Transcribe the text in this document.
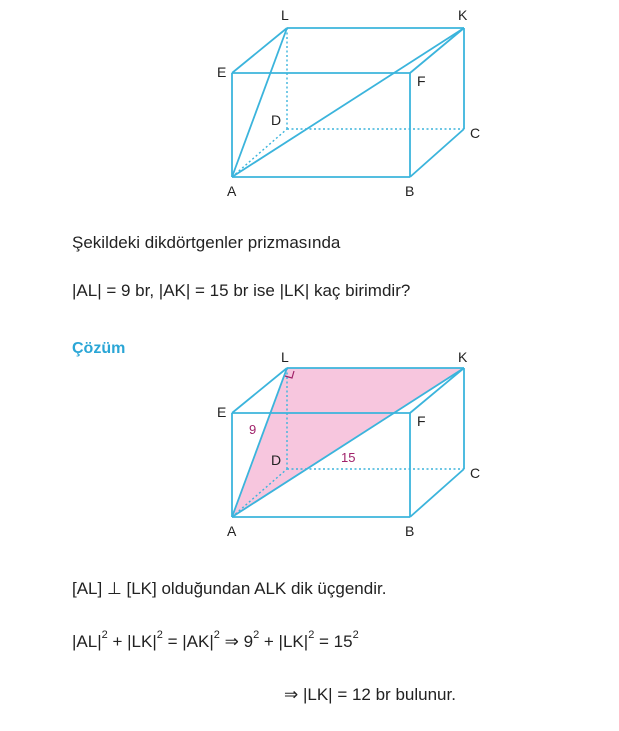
L	K
E
F
D
C
A	B
Şekildeki dikdörtgenler prizmasında
|AL| = 9 br, |AK| = 15 br ise |LK| kaç birimdir?
Çözüm
9
15
L	K
E
F
D
C
A	B
[AL] ⊥ [LK] olduğundan ALK dik üçgendir.
$|AL|^2 + |LK|^2 = |AK|^2$ ⇒ $9^2 + |LK|^2 = 15^2$
⇒ |LK| = 12 br bulunur.
